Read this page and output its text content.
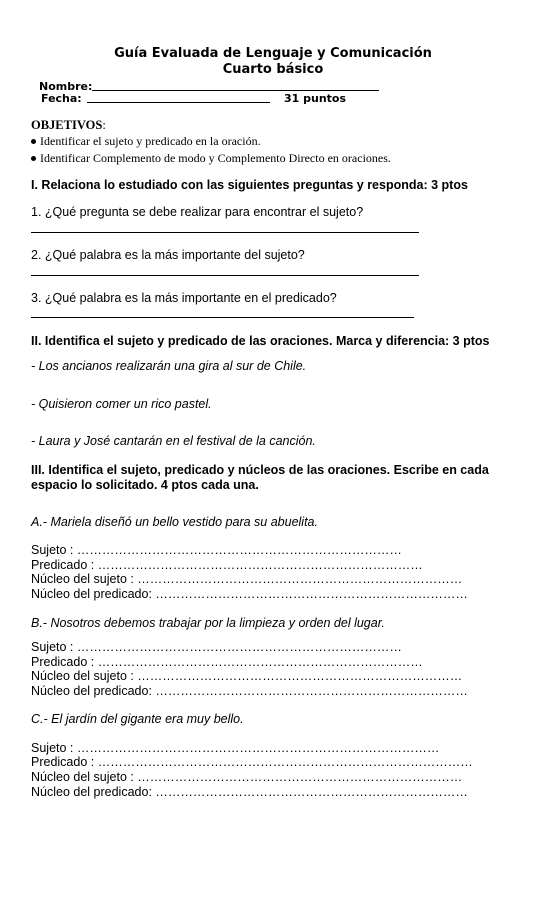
Guía Evaluada de Lenguaje y Comunicación
Cuarto básico
Nombre:
Fecha:	31 puntos
OBJETIVOS:
Identificar el sujeto y predicado en la oración.
Identificar Complemento de modo y Complemento Directo en oraciones.
I. Relaciona lo estudiado con las siguientes preguntas y responda: 3 ptos
1. ¿Qué pregunta se debe realizar para encontrar el sujeto?
2. ¿Qué palabra es la más importante del sujeto?
3. ¿Qué palabra es la más importante en el predicado?
II. Identifica el sujeto y predicado de las oraciones. Marca y diferencia: 3 ptos
- Los ancianos realizarán una gira al sur de Chile.
- Quisieron comer un rico pastel.
- Laura y José cantarán en el festival de la canción.
III. Identifica el sujeto, predicado y núcleos de las oraciones. Escribe en cada
espacio lo solicitado. 4 ptos cada una.
A.- Mariela diseñó un bello vestido para su abuelita.
Sujeto : ……………………………………………………………………
Predicado : ……………………………………………………………………
Núcleo del sujeto : ……………………………………………………………………
Núcleo del predicado: …………………………………………………………………
B.- Nosotros debemos trabajar por la limpieza y orden del lugar.
Sujeto : ……………………………………………………………………
Predicado : ……………………………………………………………………
Núcleo del sujeto : ……………………………………………………………………
Núcleo del predicado: …………………………………………………………………
C.- El jardín del gigante era muy bello.
Sujeto : ……………………………………………………………………………
Predicado : ………………………………………………………………………………
Núcleo del sujeto : ……………………………………………………………………
Núcleo del predicado: …………………………………………………………………
